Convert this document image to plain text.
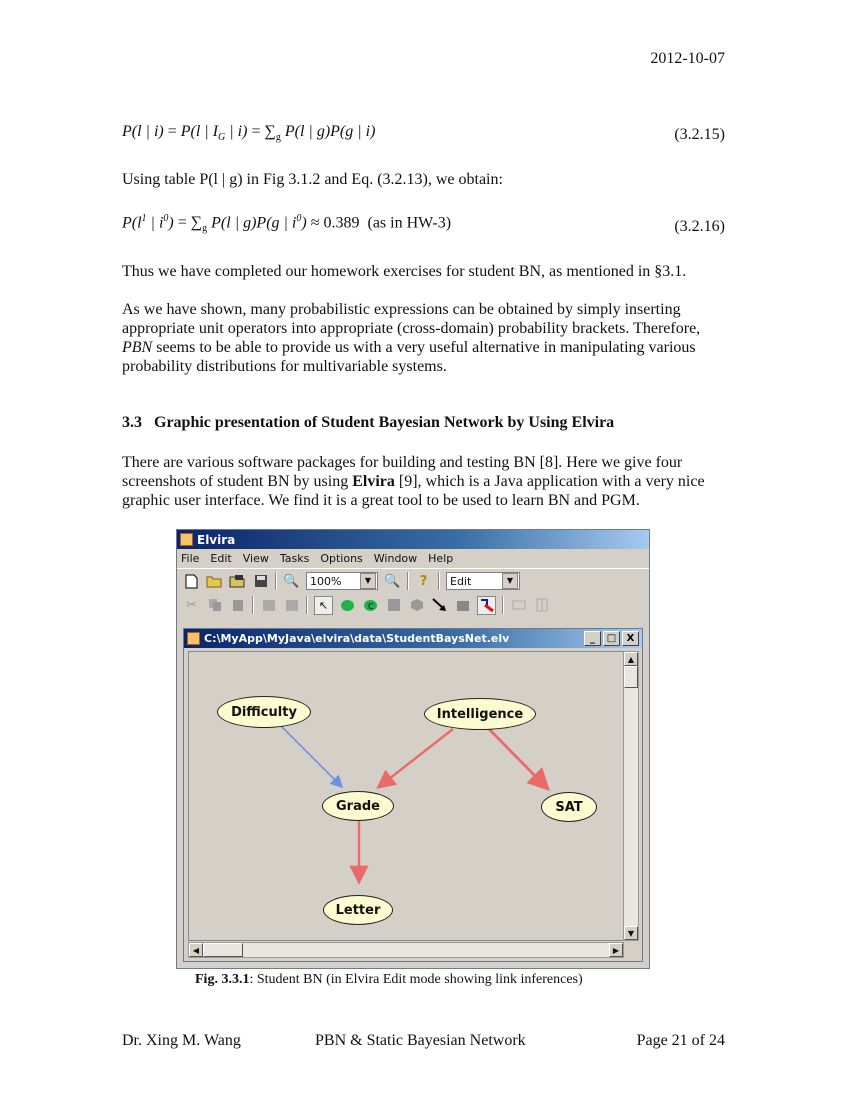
2012-10-07
P(l | i) = P(l | $I_G$ | $i) = \sum_g$ P(l | g)P(g | i)	(3.2.15)
Using table P(l | g) in Fig 3.1.2 and Eq. (3.2.13), we obtain:
$P(l^1$ | $i^0) = \sum_g$ P(l | g)P(g | $i^0) \approx 0.389$  (as in HW-3)	(3.2.16)
Thus we have completed our homework exercises for student BN, as mentioned in §3.1.
As we have shown, many probabilistic expressions can be obtained by simply inserting appropriate unit operators into appropriate (cross-domain) probability brackets. Therefore, PBN seems to be able to provide us with a very useful alternative in manipulating various probability distributions for multivariable systems.
3.3 Graphic presentation of Student Bayesian Network by Using Elvira
There are various software packages for building and testing BN [8]. Here we give four screenshots of student BN by using Elvira [9], which is a Java application with a very nice graphic user interface. We find it is a great tool to be used to learn BN and PGM.
Elvira
File Edit View Tasks Options Window Help
🔍 100%	▼	🔍	?	Edit	▼
✂	↖	C
C:\MyApp\MyJava\elvira\data\StudentBaysNet.elv	_	□	X
Difficulty	Intelligence
Grade	SAT
Letter
▲
▼
◀	▶
Fig. 3.3.1: Student BN (in Elvira Edit mode showing link inferences)
Dr. Xing M. Wang	PBN & Static Bayesian Network	Page 21 of 24
